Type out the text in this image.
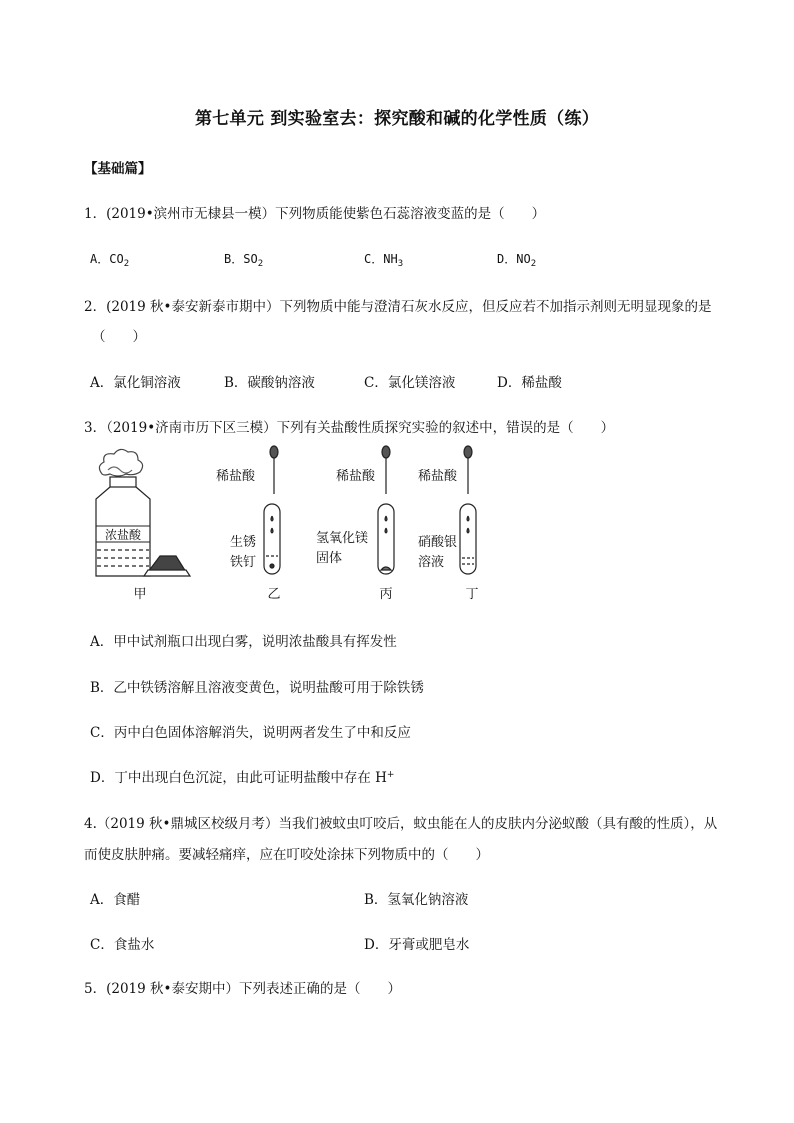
第七单元 到实验室去：探究酸和碱的化学性质（练）
【基础篇】
1．(2019•滨州市无棣县一模）下列物质能使紫色石蕊溶液变蓝的是（　　）
A．$CO_2$	B．$SO_2$	C．$NH_3$	D．$NO_2$
2．(2019 秋•泰安新泰市期中）下列物质中能与澄清石灰水反应，但反应若不加指示剂则无明显现象的是
（　　）
A．氯化铜溶液	B．碳酸钠溶液	C．氯化镁溶液	D．稀盐酸
3．（2019•济南市历下区三模）下列有关盐酸性质探究实验的叙述中，错误的是（　　）
浓盐酸
稀盐酸	稀盐酸	稀盐酸
生锈
铁钉
氢氧化镁
固体
硝酸银
溶液
甲	乙	丙	丁
A．甲中试剂瓶口出现白雾，说明浓盐酸具有挥发性
B．乙中铁锈溶解且溶液变黄色，说明盐酸可用于除铁锈
C．丙中白色固体溶解消失，说明两者发生了中和反应
D．丁中出现白色沉淀，由此可证明盐酸中存在 H+
4.（2019 秋•鼎城区校级月考）当我们被蚊虫叮咬后，蚊虫能在人的皮肤内分泌蚁酸（具有酸的性质），从
而使皮肤肿痛。要减轻痛痒，应在叮咬处涂抹下列物质中的（　　）
A．食醋	B．氢氧化钠溶液
C．食盐水	D．牙膏或肥皂水
5．(2019 秋•泰安期中）下列表述正确的是（　　）
